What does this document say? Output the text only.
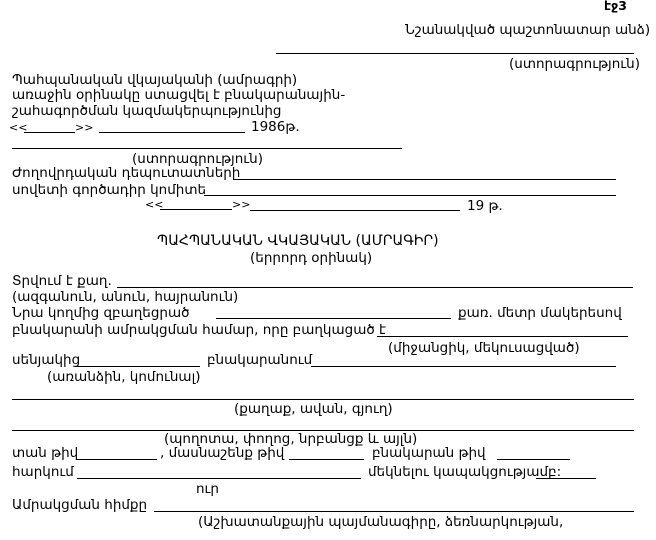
էջ3
Նշանակված պաշտոնատար անձ)
(ստորագրություն)
Պահպանական վկայականի (ամրագրի)
առաջին օրինակը ստացվել է բնակարանային-
շահագործման կազմակերպությունից
<<	>>	1986թ.
(ստորագրություն)
Ժողովրդական դեպուտատների
սովետի գործադիր կոմիտե
<<	>>	19 թ.
ՊԱՀՊԱՆԱԿԱՆ ՎԿԱՅԱԿԱՆ (ԱՄՐԱԳԻՐ)
(երրորդ օրինակ)
Տրվում է քաղ.
(ազգանուն, անուն, հայրանուն)
Նրա կողմից զբաղեցրած	քառ. մետր մակերեսով
բնակարանի ամրակցման համար, որը բաղկացած է
(միջանցիկ, մեկուսացված)
սենյակից	բնակարանում
(առանձին, կոմունալ)
(քաղաք, ավան, գյուղ)
(պողոտա, փողոց, նրբանցք և այլն)
տան թիվ	, մասնաշենք թիվ	բնակարան թիվ
հարկում	մեկնելու կապակցությամբ:
ուր
Ամրակցման հիմքը
(Աշխատանքային պայմանագիրը, ձեռնարկության,
